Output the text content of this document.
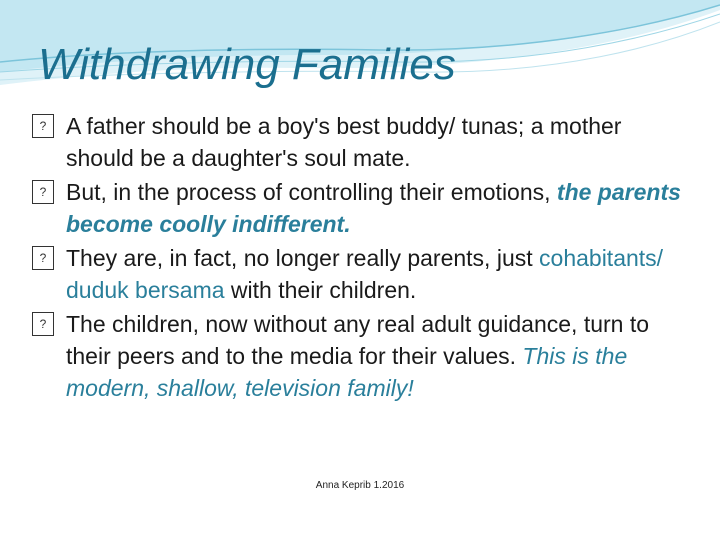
Withdrawing Families
? A father should be a boy's best buddy/ tunas; a mother should be a daughter's soul mate.
? But, in the process of controlling their emotions, the parents become coolly indifferent.
? They are, in fact, no longer really parents, just cohabitants/ duduk bersama with their children.
? The children, now without any real adult guidance, turn to their peers and to the media for their values. This is the modern, shallow, television family!
Anna Keprib 1.2016
